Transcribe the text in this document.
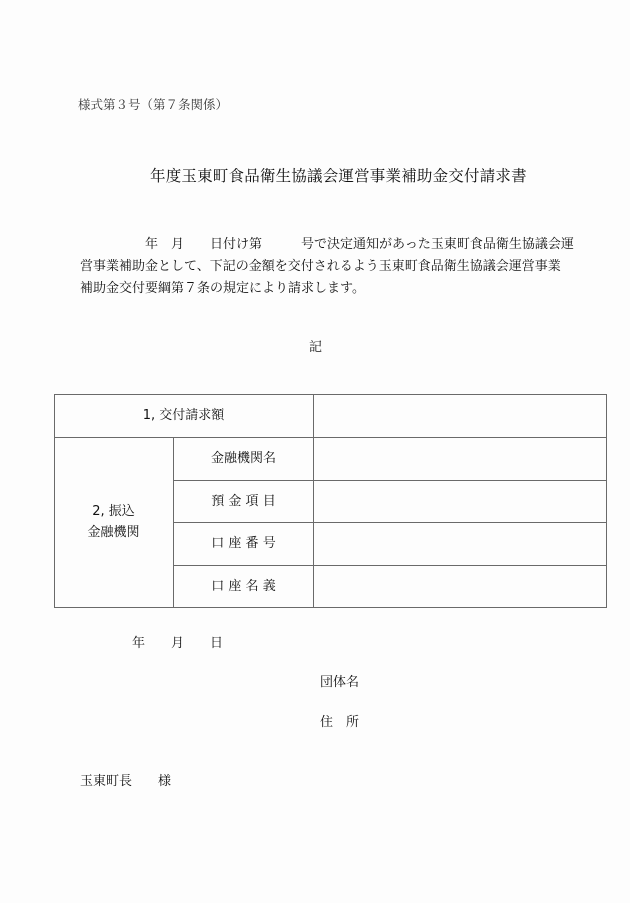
様式第３号（第７条関係）
年度玉東町食品衛生協議会運営事業補助金交付請求書
　　　　　年　月　　日付け第　　　号で決定通知があった玉東町食品衛生協議会運
営事業補助金として、下記の金額を交付されるよう玉東町食品衛生協議会運営事業
補助金交付要綱第７条の規定により請求します。
記
1, 交付請求額
2, 振込
金融機関
金融機関名
預 金 項 目
口 座 番 号
口 座 名 義
年　　月　　日
団体名
住　所
玉東町長　　様
